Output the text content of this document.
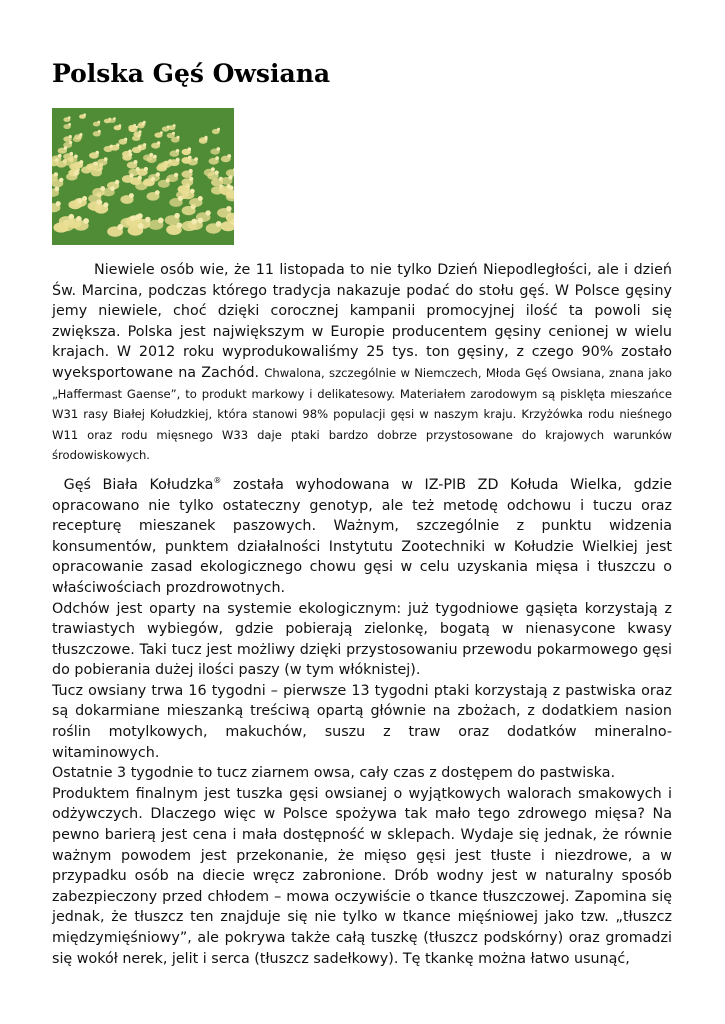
Polska Gęś Owsiana

Niewiele osób wie, że 11 listopada to nie tylko Dzień Niepodległości, ale i dzień Św. Marcina, podczas którego tradycja nakazuje podać do stołu gęś. W Polsce gęsiny jemy niewiele, choć dzięki corocznej kampanii promocyjnej ilość ta powoli się zwiększa. Polska jest największym w Europie producentem gęsiny cenionej w wielu krajach. W 2012 roku wyprodukowaliśmy 25 tys. ton gęsiny, z czego 90% zostało wyeksportowane na Zachód. Chwalona, szczególnie w Niemczech, Młoda Gęś Owsiana, znana jako „Haffermast Gaense”, to produkt markowy i delikatesowy. Materiałem zarodowym są pisklęta mieszańce W31 rasy Białej Kołudzkiej, która stanowi 98% populacji gęsi w naszym kraju. Krzyżówka rodu nieśnego W11 oraz rodu mięsnego W33 daje ptaki bardzo dobrze przystosowane do krajowych warunków środowiskowych.

Gęś Biała Kołudzka® została wyhodowana w IZ-PIB ZD Kołuda Wielka, gdzie opracowano nie tylko ostateczny genotyp, ale też metodę odchowu i tuczu oraz recepturę mieszanek paszowych. Ważnym, szczególnie z punktu widzenia konsumentów, punktem działalności Instytutu Zootechniki w Kołudzie Wielkiej jest opracowanie zasad ekologicznego chowu gęsi w celu uzyskania mięsa i tłuszczu o właściwościach prozdrowotnych.

Odchów jest oparty na systemie ekologicznym: już tygodniowe gąsięta korzystają z trawiastych wybiegów, gdzie pobierają zielonkę, bogatą w nienasycone kwasy tłuszczowe. Taki tucz jest możliwy dzięki przystosowaniu przewodu pokarmowego gęsi do pobierania dużej ilości paszy (w tym włóknistej).

Tucz owsiany trwa 16 tygodni – pierwsze 13 tygodni ptaki korzystają z pastwiska oraz są dokarmiane mieszanką treściwą opartą głównie na zbożach, z dodatkiem nasion roślin motylkowych, makuchów, suszu z traw oraz dodatków mineralno-witaminowych.

Ostatnie 3 tygodnie to tucz ziarnem owsa, cały czas z dostępem do pastwiska.

Produktem finalnym jest tuszka gęsi owsianej o wyjątkowych walorach smakowych i odżywczych. Dlaczego więc w Polsce spożywa tak mało tego zdrowego mięsa? Na pewno barierą jest cena i mała dostępność w sklepach. Wydaje się jednak, że równie ważnym powodem jest przekonanie, że mięso gęsi jest tłuste i niezdrowe, a w przypadku osób na diecie wręcz zabronione. Drób wodny jest w naturalny sposób zabezpieczony przed chłodem – mowa oczywiście o tkance tłuszczowej. Zapomina się jednak, że tłuszcz ten znajduje się nie tylko w tkance mięśniowej jako tzw. „tłuszcz międzymięśniowy”, ale pokrywa także całą tuszkę (tłuszcz podskórny) oraz gromadzi się wokół nerek, jelit i serca (tłuszcz sadełkowy). Tę tkankę można łatwo usunąć,
